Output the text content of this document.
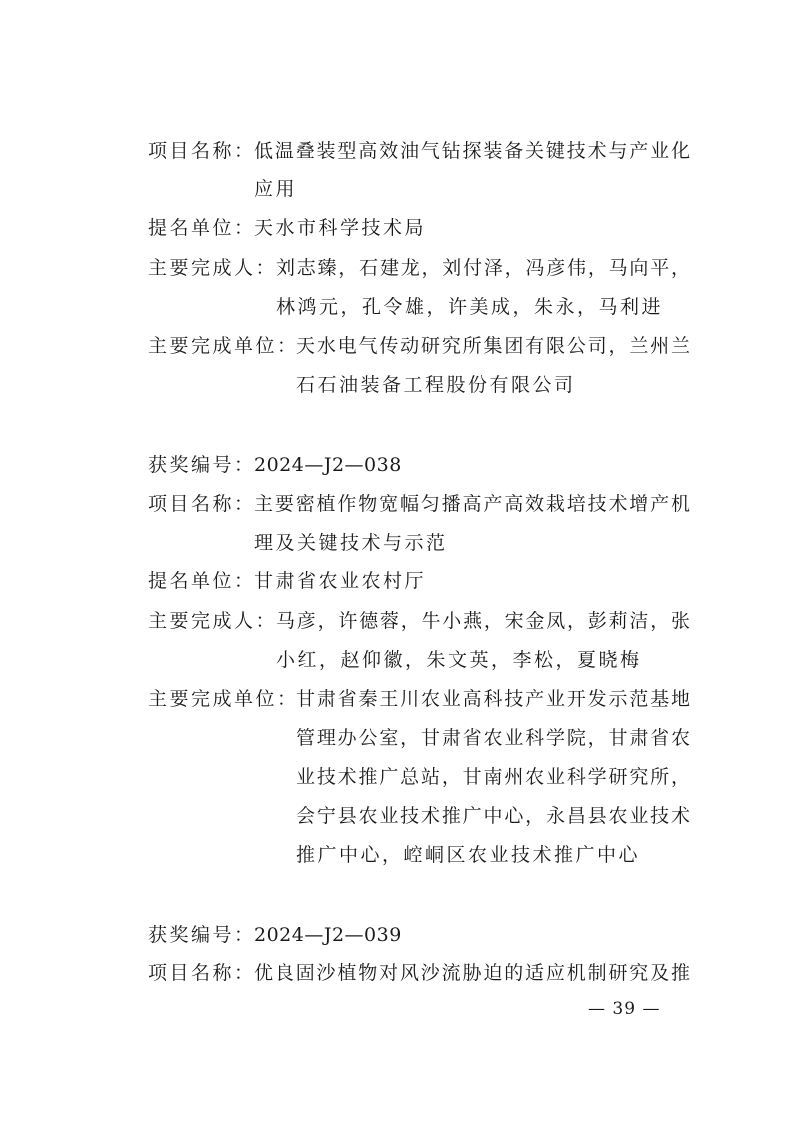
项目名称：
低温叠装型高效油气钻探装备关键技术与产业化
应用
提名单位：
天水市科学技术局
主要完成人：
刘志臻，石建龙，刘付泽，冯彦伟，马向平，
林鸿元，孔令雄，许美成，朱永，马利进
主要完成单位：
天水电气传动研究所集团有限公司，兰州兰
石石油装备工程股份有限公司
获奖编号：
2024—J2—038
项目名称：
主要密植作物宽幅匀播高产高效栽培技术增产机
理及关键技术与示范
提名单位：
甘肃省农业农村厅
主要完成人：
马彦，许德蓉，牛小燕，宋金凤，彭莉洁，张
小红，赵仰徽，朱文英，李松，夏晓梅
主要完成单位：
甘肃省秦王川农业高科技产业开发示范基地
管理办公室，甘肃省农业科学院，甘肃省农
业技术推广总站，甘南州农业科学研究所，
会宁县农业技术推广中心，永昌县农业技术
推广中心，崆峒区农业技术推广中心
获奖编号：
2024—J2—039
项目名称：
优良固沙植物对风沙流胁迫的适应机制研究及推
— 39 —
